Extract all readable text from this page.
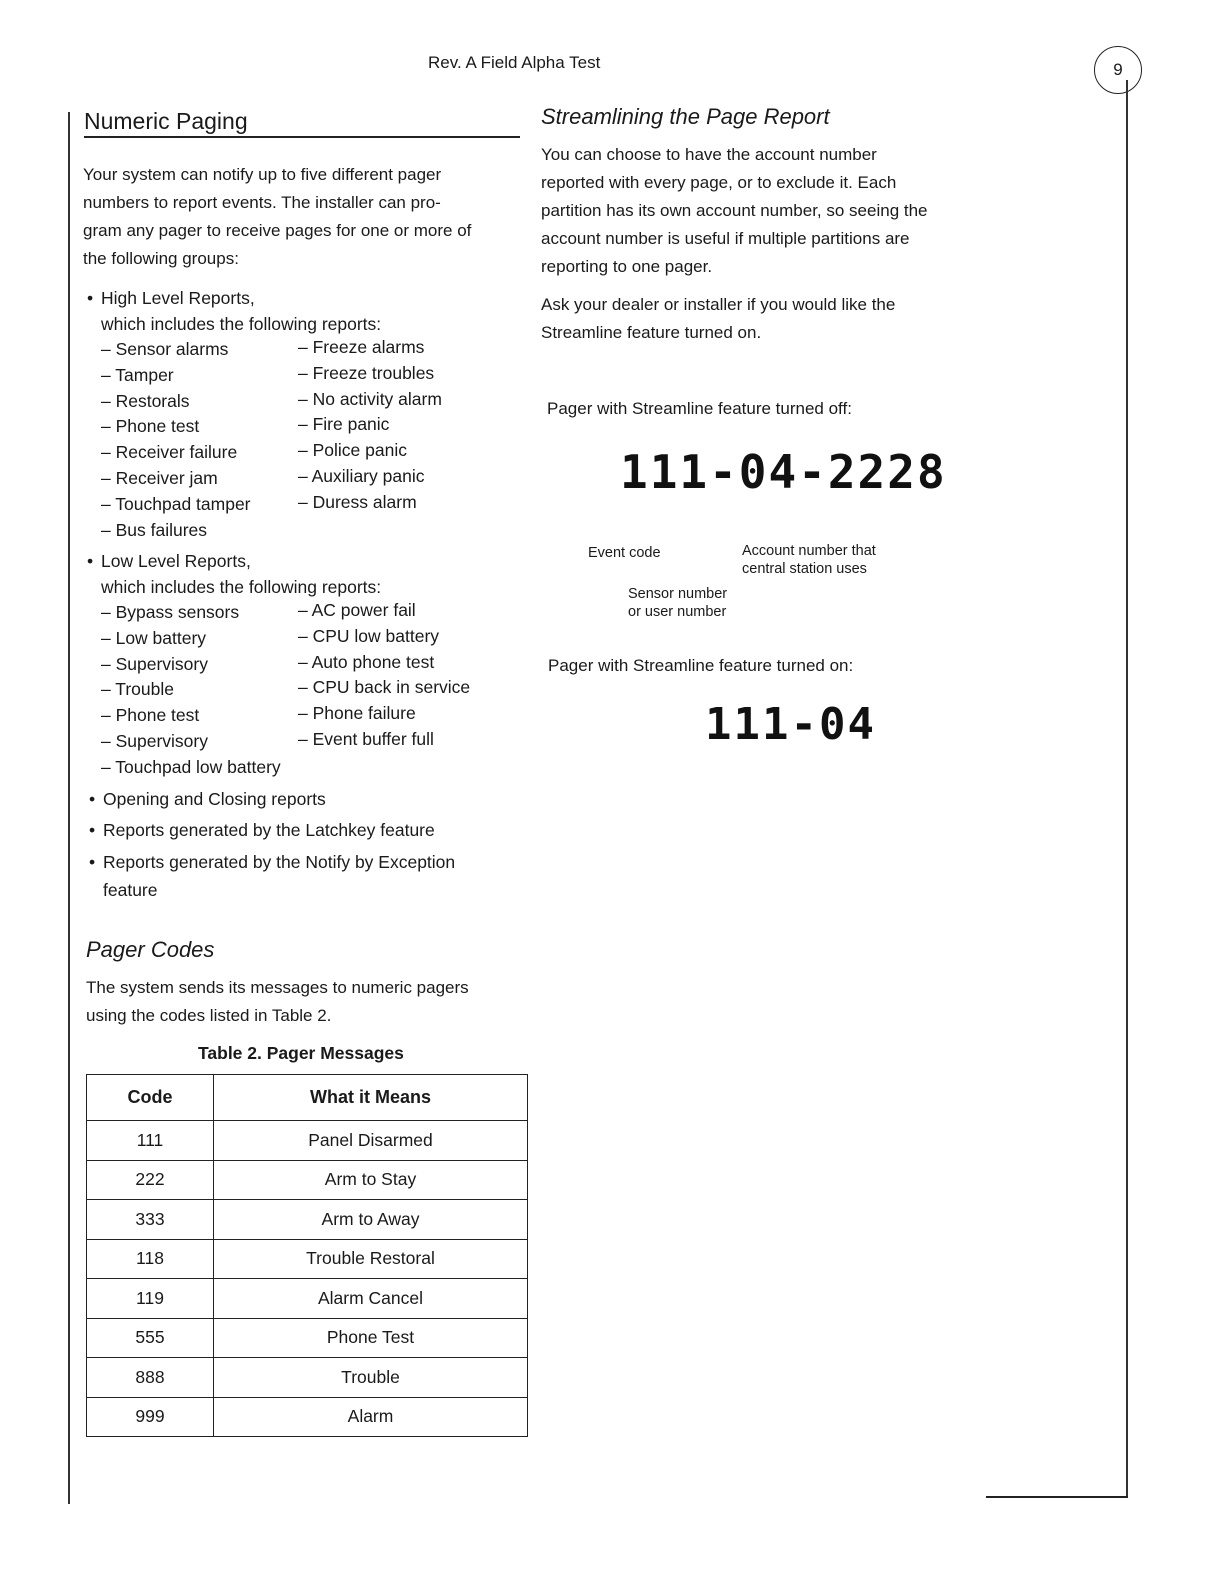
Rev. A Field Alpha Test	9
Numeric Paging
Your system can notify up to five different pager
numbers to report events. The installer can pro-
gram any pager to receive pages for one or more of
the following groups:
• High Level Reports,
which includes the following reports:
– Sensor alarms
– Tamper
– Restorals
– Phone test
– Receiver failure
– Receiver jam
– Touchpad tamper
– Bus failures
– Freeze alarms
– Freeze troubles
– No activity alarm
– Fire panic
– Police panic
– Auxiliary panic
– Duress alarm
• Low Level Reports,
which includes the following reports:
– Bypass sensors
– Low battery
– Supervisory
– Trouble
– Phone test
– Supervisory
– Touchpad low battery
– AC power fail
– CPU low battery
– Auto phone test
– CPU back in service
– Phone failure
– Event buffer full
• Opening and Closing reports
• Reports generated by the Latchkey feature
• Reports generated by the Notify by Exception
feature
Pager Codes
The system sends its messages to numeric pagers
using the codes listed in Table 2.
Table 2. Pager Messages
Code	What it Means
111	Panel Disarmed
222	Arm to Stay
333	Arm to Away
118	Trouble Restoral
119	Alarm Cancel
555	Phone Test
888	Trouble
999	Alarm
Streamlining the Page Report
You can choose to have the account number
reported with every page, or to exclude it. Each
partition has its own account number, so seeing the
account number is useful if multiple partitions are
reporting to one pager.
Ask your dealer or installer if you would like the
Streamline feature turned on.
Pager with Streamline feature turned off:
111-04-2228
Event code	Account number that
central station uses
Sensor number
or user number
Pager with Streamline feature turned on:
111-04
